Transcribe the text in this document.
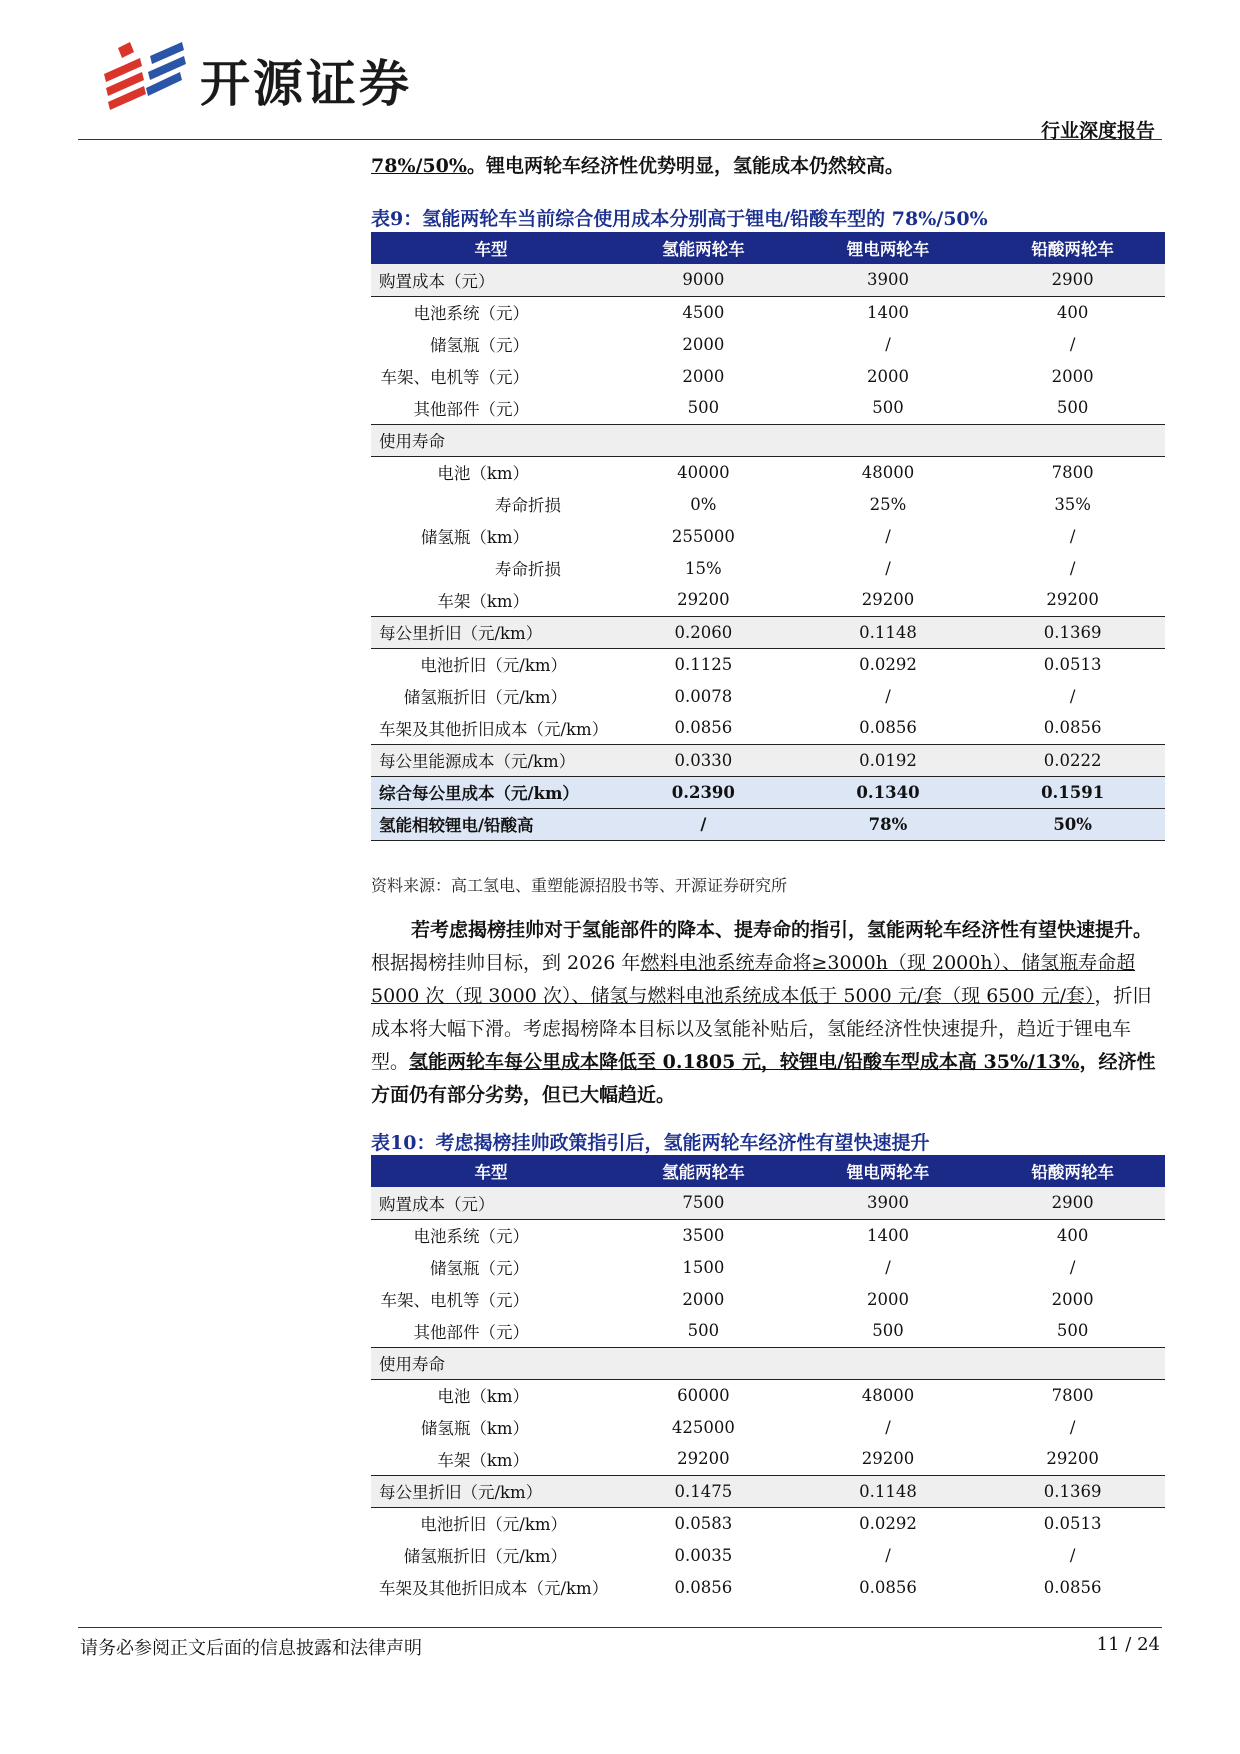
开源证券
行业深度报告
78%/50%。锂电两轮车经济性优势明显，氢能成本仍然较高。
表9：氢能两轮车当前综合使用成本分别高于锂电/铅酸车型的 78%/50%
车型	氢能两轮车	锂电两轮车	铅酸两轮车
购置成本（元）	9000	3900	2900
电池系统（元）	4500	1400	400
储氢瓶（元）	2000	/	/
车架、电机等（元）	2000	2000	2000
其他部件（元）	500	500	500
使用寿命			
电池（km）	40000	48000	7800
寿命折损	0%	25%	35%
储氢瓶（km）	255000	/	/
寿命折损	15%	/	/
车架（km）	29200	29200	29200
每公里折旧（元/km）	0.2060	0.1148	0.1369
电池折旧（元/km）	0.1125	0.0292	0.0513
储氢瓶折旧（元/km）	0.0078	/	/
车架及其他折旧成本（元/km）	0.0856	0.0856	0.0856
每公里能源成本（元/km）	0.0330	0.0192	0.0222
综合每公里成本（元/km）	0.2390	0.1340	0.1591
氢能相较锂电/铅酸高	/	78%	50%
资料来源：高工氢电、重塑能源招股书等、开源证券研究所
若考虑揭榜挂帅对于氢能部件的降本、提寿命的指引，氢能两轮车经济性有望快速提升。根据揭榜挂帅目标，到 2026 年燃料电池系统寿命将≥3000h（现 2000h）、储氢瓶寿命超 5000 次（现 3000 次）、储氢与燃料电池系统成本低于 5000 元/套（现 6500 元/套），折旧成本将大幅下滑。考虑揭榜降本目标以及氢能补贴后，氢能经济性快速提升，趋近于锂电车型。氢能两轮车每公里成本降低至 0.1805 元，较锂电/铅酸车型成本高 35%/13%，经济性方面仍有部分劣势，但已大幅趋近。
表10：考虑揭榜挂帅政策指引后，氢能两轮车经济性有望快速提升
车型	氢能两轮车	锂电两轮车	铅酸两轮车
购置成本（元）	7500	3900	2900
电池系统（元）	3500	1400	400
储氢瓶（元）	1500	/	/
车架、电机等（元）	2000	2000	2000
其他部件（元）	500	500	500
使用寿命			
电池（km）	60000	48000	7800
储氢瓶（km）	425000	/	/
车架（km）	29200	29200	29200
每公里折旧（元/km）	0.1475	0.1148	0.1369
电池折旧（元/km）	0.0583	0.0292	0.0513
储氢瓶折旧（元/km）	0.0035	/	/
车架及其他折旧成本（元/km）	0.0856	0.0856	0.0856
请务必参阅正文后面的信息披露和法律声明	11 / 24
